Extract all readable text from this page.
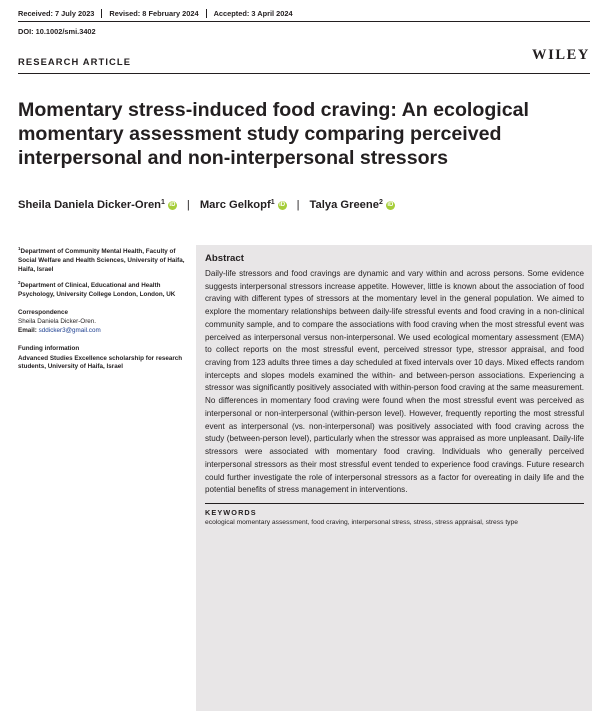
Received: 7 July 2023 Revised: 8 February 2024 Accepted: 3 April 2024
DOI: 10.1002/smi.3402
RESEARCH ARTICLE	WILEY
Momentary stress-induced food craving: An ecological momentary assessment study comparing perceived interpersonal and non-interpersonal stressors
Sheila Daniela Dicker-Oren$^1$ iD | Marc Gelkopf$^1$ iD | Talya Greene$^2$ iD

$^1$Department of Community Mental Health, Faculty of Social Welfare and Health Sciences, University of Haifa, Haifa, Israel

$^2$Department of Clinical, Educational and Health Psychology, University College London, London, UK

Correspondence
Sheila Daniela Dicker-Oren.
Email: sddicker3@gmail.com
Funding information
Advanced Studies Excellence scholarship for research students, University of Haifa, Israel
Abstract

Daily-life stressors and food cravings are dynamic and vary within and across persons. Some evidence suggests interpersonal stressors increase appetite. However, little is known about the association of food craving with different types of stressors at the momentary level in the general population. We aimed to explore the momentary relationships between daily-life stressful events and food craving in a non-clinical community sample, and to compare the associations with food craving when the most stressful event was perceived as interpersonal versus non-interpersonal. We used ecological momentary assessment (EMA) to collect reports on the most stressful event, perceived stressor type, stressor appraisal, and food craving from 123 adults three times a day scheduled at fixed intervals over 10 days. Mixed effects random intercepts and slopes models examined the within- and between-person associations. Experiencing a stressor was significantly positively associated with within-person food craving at the same measurement. No differences in momentary food craving were found when the most stressful event was perceived as interpersonal or non-interpersonal (within-person level). However, frequently reporting the most stressful event as interpersonal (vs. non-interpersonal) was positively associated with food craving across the study (between-person level), particularly when the stressor was appraised as more unpleasant. Daily-life stressors were associated with momentary food craving. Individuals who generally perceived interpersonal stressors as their most stressful event tended to experience food cravings. Future research could further investigate the role of interpersonal stressors as a factor for overeating in daily life and the potential benefits of stress management in interventions.

KEYWORDS

ecological momentary assessment, food craving, interpersonal stress, stress, stress appraisal, stress type
